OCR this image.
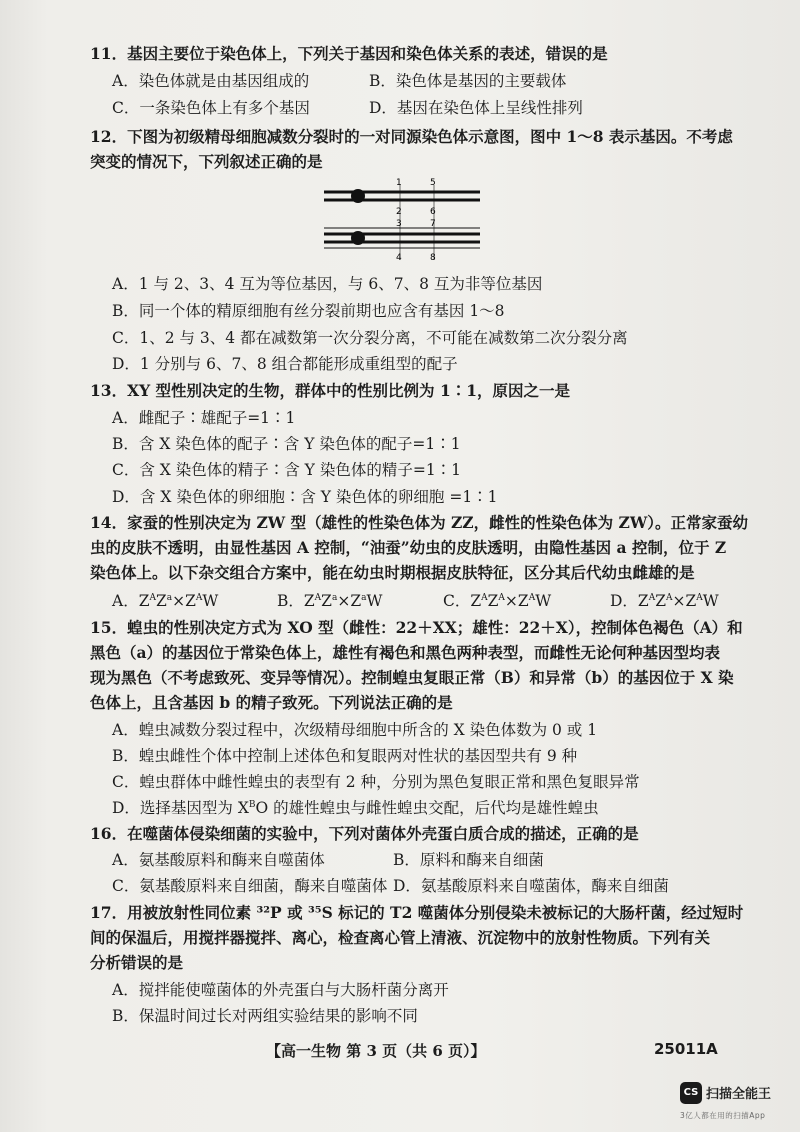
11．基因主要位于染色体上，下列关于基因和染色体关系的表述，错误的是
A．染色体就是由基因组成的	B．染色体是基因的主要载体
C．一条染色体上有多个基因	D．基因在染色体上呈线性排列
12．下图为初级精母细胞减数分裂时的一对同源染色体示意图，图中 1～8 表示基因。不考虑
突变的情况下，下列叙述正确的是
1	5
2	6
3	7
4	8
A．1 与 2、3、4 互为等位基因，与 6、7、8 互为非等位基因
B．同一个体的精原细胞有丝分裂前期也应含有基因 1～8
C．1、2 与 3、4 都在减数第一次分裂分离，不可能在减数第二次分裂分离
D．1 分别与 6、7、8 组合都能形成重组型的配子
13．XY 型性别决定的生物，群体中的性别比例为 1∶1，原因之一是
A．雌配子∶雄配子=1∶1
B．含 X 染色体的配子∶含 Y 染色体的配子=1∶1
C．含 X 染色体的精子∶含 Y 染色体的精子=1∶1
D．含 X 染色体的卵细胞∶含 Y 染色体的卵细胞 =1∶1
14．家蚕的性别决定为 ZW 型（雄性的性染色体为 ZZ，雌性的性染色体为 ZW）。正常家蚕幼
虫的皮肤不透明，由显性基因 A 控制，“油蚕”幼虫的皮肤透明，由隐性基因 a 控制，位于 Z
染色体上。以下杂交组合方案中，能在幼虫时期根据皮肤特征，区分其后代幼虫雌雄的是
A．$Z^AZ^a\times Z^AW$	B．$Z^AZ^a\times Z^aW$	C．$Z^AZ^A\times Z^AW$	D．$Z^AZ^A\times Z^AW$
15．蝗虫的性别决定方式为 XO 型（雌性：22＋XX；雄性：22＋X），控制体色褐色（A）和
黑色（a）的基因位于常染色体上，雄性有褐色和黑色两种表型，而雌性无论何种基因型均表
现为黑色（不考虑致死、变异等情况）。控制蝗虫复眼正常（B）和异常（b）的基因位于 X 染
色体上，且含基因 b 的精子致死。下列说法正确的是
A．蝗虫减数分裂过程中，次级精母细胞中所含的 X 染色体数为 0 或 1
B．蝗虫雌性个体中控制上述体色和复眼两对性状的基因型共有 9 种
C．蝗虫群体中雌性蝗虫的表型有 2 种，分别为黑色复眼正常和黑色复眼异常
D．选择基因型为 $X^BO$ 的雄性蝗虫与雌性蝗虫交配，后代均是雄性蝗虫
16．在噬菌体侵染细菌的实验中，下列对菌体外壳蛋白质合成的描述，正确的是
A．氨基酸原料和酶来自噬菌体	B．原料和酶来自细菌
C．氨基酸原料来自细菌，酶来自噬菌体 D．氨基酸原料来自噬菌体，酶来自细菌
17．用被放射性同位素 ³²P 或 ³⁵S 标记的 T2 噬菌体分别侵染未被标记的大肠杆菌，经过短时
间的保温后，用搅拌器搅拌、离心，检查离心管上清液、沉淀物中的放射性物质。下列有关
分析错误的是
A．搅拌能使噬菌体的外壳蛋白与大肠杆菌分离开
B．保温时间过长对两组实验结果的影响不同
【高一生物 第 3 页（共 6 页）】	25011A
CS 扫描全能王
3亿人都在用的扫描App
